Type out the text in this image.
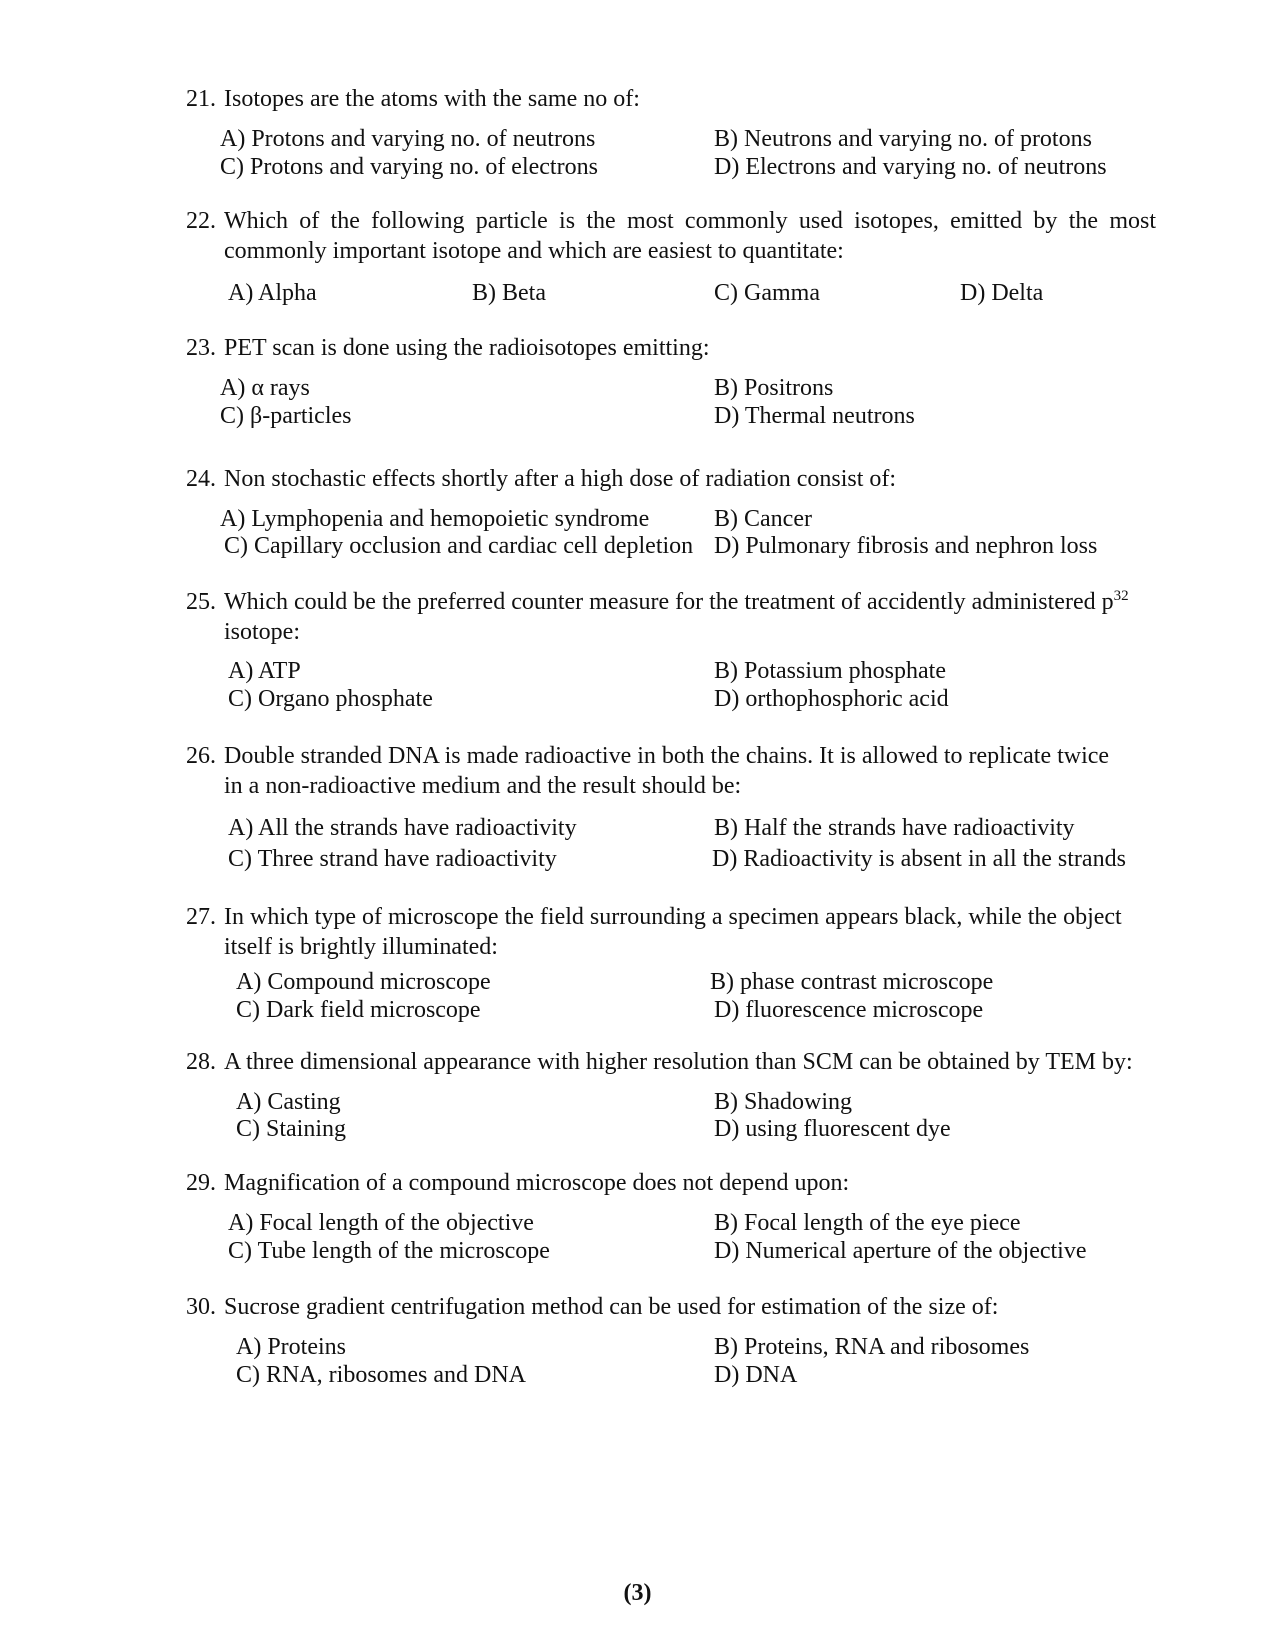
21. Isotopes are the atoms with the same no of:
A) Protons and varying no. of neutrons	B) Neutrons and varying no. of protons
C) Protons and varying no. of electrons	D) Electrons and varying no. of neutrons
22. Which of the following particle is the most commonly used isotopes, emitted by the most commonly important isotope and which are easiest to quantitate:
A) Alpha	B) Beta	C) Gamma	D) Delta
23. PET scan is done using the radioisotopes emitting:
A) α rays	B) Positrons
C) β-particles	D) Thermal neutrons
24. Non stochastic effects shortly after a high dose of radiation consist of:
A) Lymphopenia and hemopoietic syndrome	B) Cancer
C) Capillary occlusion and cardiac cell depletion D) Pulmonary fibrosis and nephron loss
25. Which could be the preferred counter measure for the treatment of accidently administered $p^{32}$
isotope:
A) ATP	B) Potassium phosphate
C) Organo phosphate	D) orthophosphoric acid
26. Double stranded DNA is made radioactive in both the chains. It is allowed to replicate twice
in a non-radioactive medium and the result should be:
A) All the strands have radioactivity	B) Half the strands have radioactivity
C) Three strand have radioactivity	D) Radioactivity is absent in all the strands
27. In which type of microscope the field surrounding a specimen appears black, while the object
itself is brightly illuminated:
A) Compound microscope	B) phase contrast microscope
C) Dark field microscope	D) fluorescence microscope
28. A three dimensional appearance with higher resolution than SCM can be obtained by TEM by:
A) Casting	B) Shadowing
C) Staining	D) using fluorescent dye
29. Magnification of a compound microscope does not depend upon:
A) Focal length of the objective	B) Focal length of the eye piece
C) Tube length of the microscope	D) Numerical aperture of the objective
30. Sucrose gradient centrifugation method can be used for estimation of the size of:
A) Proteins	B) Proteins, RNA and ribosomes
C) RNA, ribosomes and DNA	D) DNA
(3)
